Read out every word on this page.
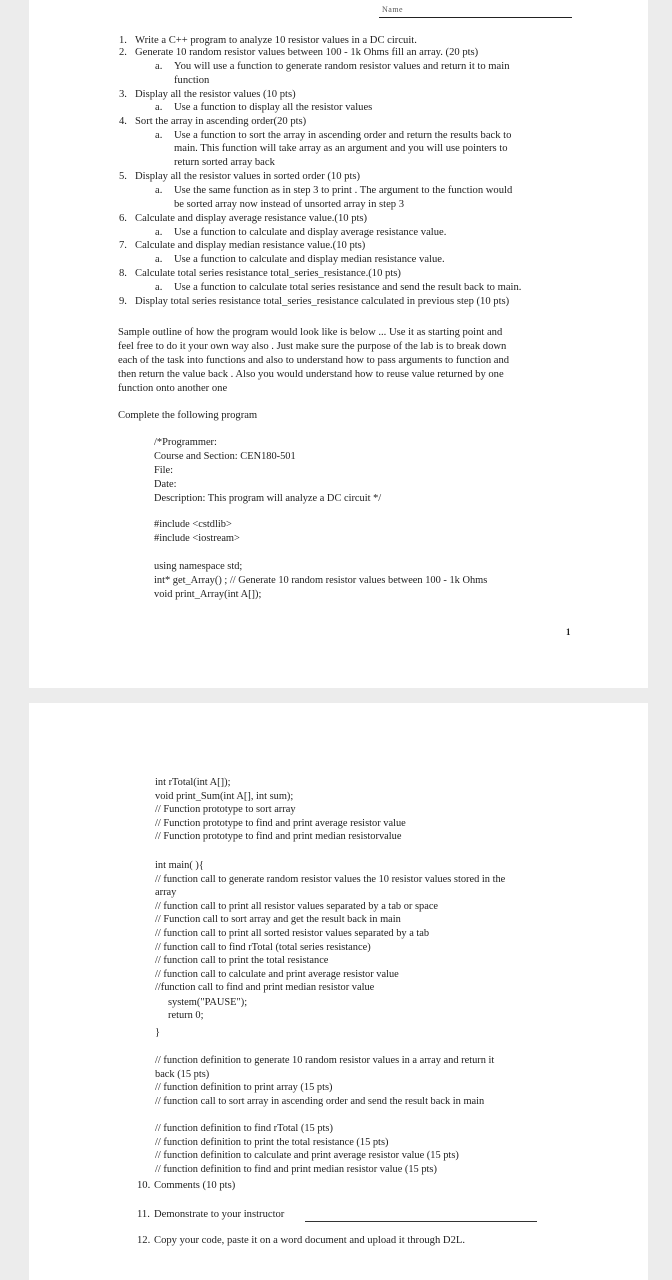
Name
1. Write a C++ program to analyze 10 resistor values in a DC circuit.
2. Generate 10 random resistor values between 100 - 1k Ohms fill an array. (20 pts)
a. You will use a function to generate random resistor values and return it to main
function
3. Display all the resistor values (10 pts)
a. Use a function to display all the resistor values
4. Sort the array in ascending order(20 pts)
a. Use a function to sort the array in ascending order and return the results back to
main. This function will take array as an argument and you will use pointers to
return sorted array back
5. Display all the resistor values in sorted order (10 pts)
a. Use the same function as in step 3 to print . The argument to the function would
be sorted array now instead of unsorted array in step 3
6. Calculate and display average resistance value.(10 pts)
a. Use a function to calculate and display average resistance value.
7. Calculate and display median resistance value.(10 pts)
a. Use a function to calculate and display median resistance value.
8. Calculate total series resistance total_series_resistance.(10 pts)
a. Use a function to calculate total series resistance and send the result back to main.
9. Display total series resistance total_series_resistance calculated in previous step (10 pts)
Sample outline of how the program would look like is below ... Use it as starting point and
feel free to do it your own way also . Just make sure the purpose of the lab is to break down
each of the task into functions and also to understand how to pass arguments to function and
then return the value back . Also you would understand how to reuse value returned by one
function onto another one
Complete the following program
/*Programmer:
Course and Section: CEN180-501
File:
Date:
Description: This program will analyze a DC circuit */
#include <cstdlib>
#include <iostream>
using namespace std;
int* get_Array() ; // Generate 10 random resistor values between 100 - 1k Ohms
void print_Array(int A[]);
1
int rTotal(int A[]);
void print_Sum(int A[], int sum);
// Function prototype to sort array
// Function prototype to find and print average resistor value
// Function prototype to find and print median resistorvalue
int main( ){
// function call to generate random resistor values the 10 resistor values stored in the
array
// function call to print all resistor values separated by a tab or space
// Function call to sort array and get the result back in main
// function call to print all sorted resistor values separated by a tab
// function call to find rTotal (total series resistance)
// function call to print the total resistance
// function call to calculate and print average resistor value
//function call to find and print median resistor value
system("PAUSE");
return 0;
}
// function definition to generate 10 random resistor values in a array and return it
back (15 pts)
// function definition to print array (15 pts)
// function call to sort array in ascending order and send the result back in main
// function definition to find rTotal (15 pts)
// function definition to print the total resistance (15 pts)
// function definition to calculate and print average resistor value (15 pts)
// function definition to find and print median resistor value (15 pts)
10. Comments (10 pts)
11. Demonstrate to your instructor
12. Copy your code, paste it on a word document and upload it through D2L.
